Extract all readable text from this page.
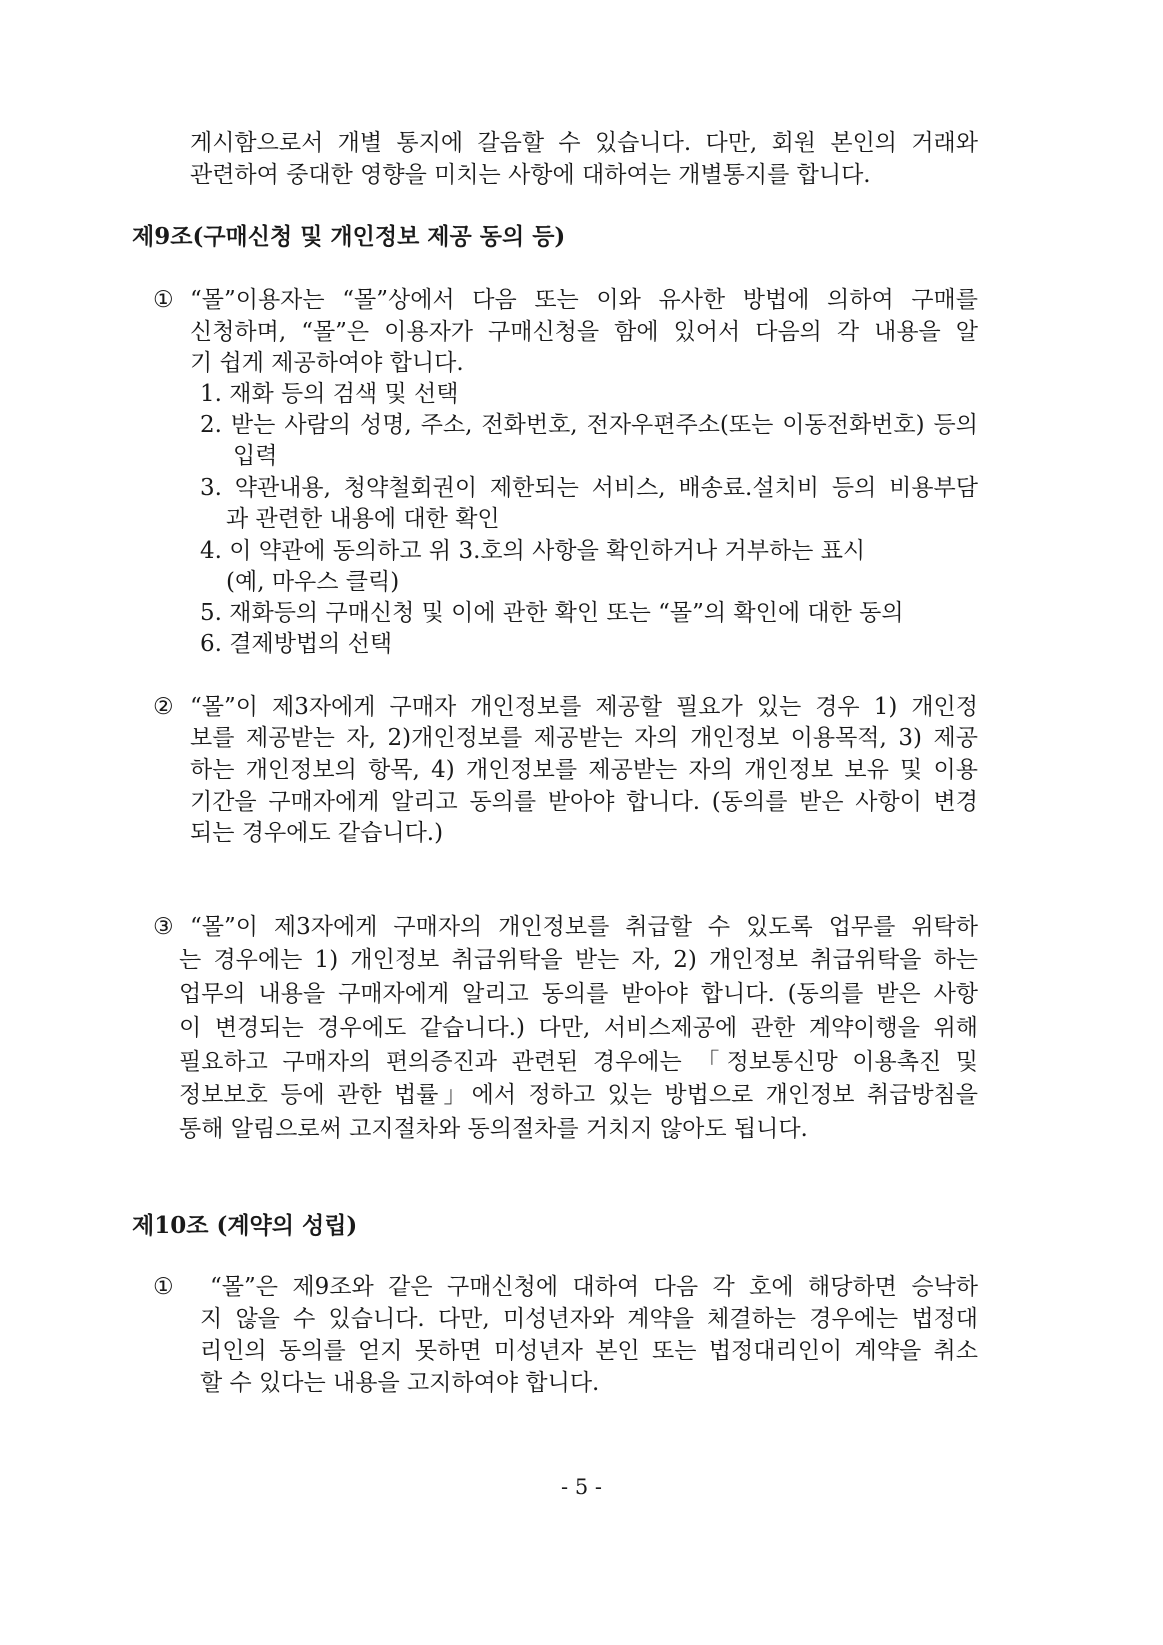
게시함으로서 개별 통지에 갈음할 수 있습니다. 다만, 회원 본인의 거래와
관련하여 중대한 영향을 미치는 사항에 대하여는 개별통지를 합니다.
제9조(구매신청 및 개인정보 제공 동의 등)
① “몰”이용자는 “몰”상에서 다음 또는 이와 유사한 방법에 의하여 구매를
신청하며, “몰”은 이용자가 구매신청을 함에 있어서 다음의 각 내용을 알
기 쉽게 제공하여야 합니다.
1. 재화 등의 검색 및 선택
2. 받는 사람의 성명, 주소, 전화번호, 전자우편주소(또는 이동전화번호) 등의
입력
3. 약관내용, 청약철회권이 제한되는 서비스, 배송료.설치비 등의 비용부담
과 관련한 내용에 대한 확인
4. 이 약관에 동의하고 위 3.호의 사항을 확인하거나 거부하는 표시
(예, 마우스 클릭)
5. 재화등의 구매신청 및 이에 관한 확인 또는 “몰”의 확인에 대한 동의
6. 결제방법의 선택
② “몰”이 제3자에게 구매자 개인정보를 제공할 필요가 있는 경우 1) 개인정
보를 제공받는 자, 2)개인정보를 제공받는 자의 개인정보 이용목적, 3) 제공
하는 개인정보의 항목, 4) 개인정보를 제공받는 자의 개인정보 보유 및 이용
기간을 구매자에게 알리고 동의를 받아야 합니다. (동의를 받은 사항이 변경
되는 경우에도 같습니다.)
③ “몰”이 제3자에게 구매자의 개인정보를 취급할 수 있도록 업무를 위탁하
는 경우에는 1) 개인정보 취급위탁을 받는 자, 2) 개인정보 취급위탁을 하는
업무의 내용을 구매자에게 알리고 동의를 받아야 합니다. (동의를 받은 사항
이 변경되는 경우에도 같습니다.) 다만, 서비스제공에 관한 계약이행을 위해
필요하고 구매자의 편의증진과 관련된 경우에는 「정보통신망 이용촉진 및
정보보호 등에 관한 법률」에서 정하고 있는 방법으로 개인정보 취급방침을
통해 알림으로써 고지절차와 동의절차를 거치지 않아도 됩니다.
제10조 (계약의 성립)
① “몰”은 제9조와 같은 구매신청에 대하여 다음 각 호에 해당하면 승낙하
지 않을 수 있습니다. 다만, 미성년자와 계약을 체결하는 경우에는 법정대
리인의 동의를 얻지 못하면 미성년자 본인 또는 법정대리인이 계약을 취소
할 수 있다는 내용을 고지하여야 합니다.
- 5 -
